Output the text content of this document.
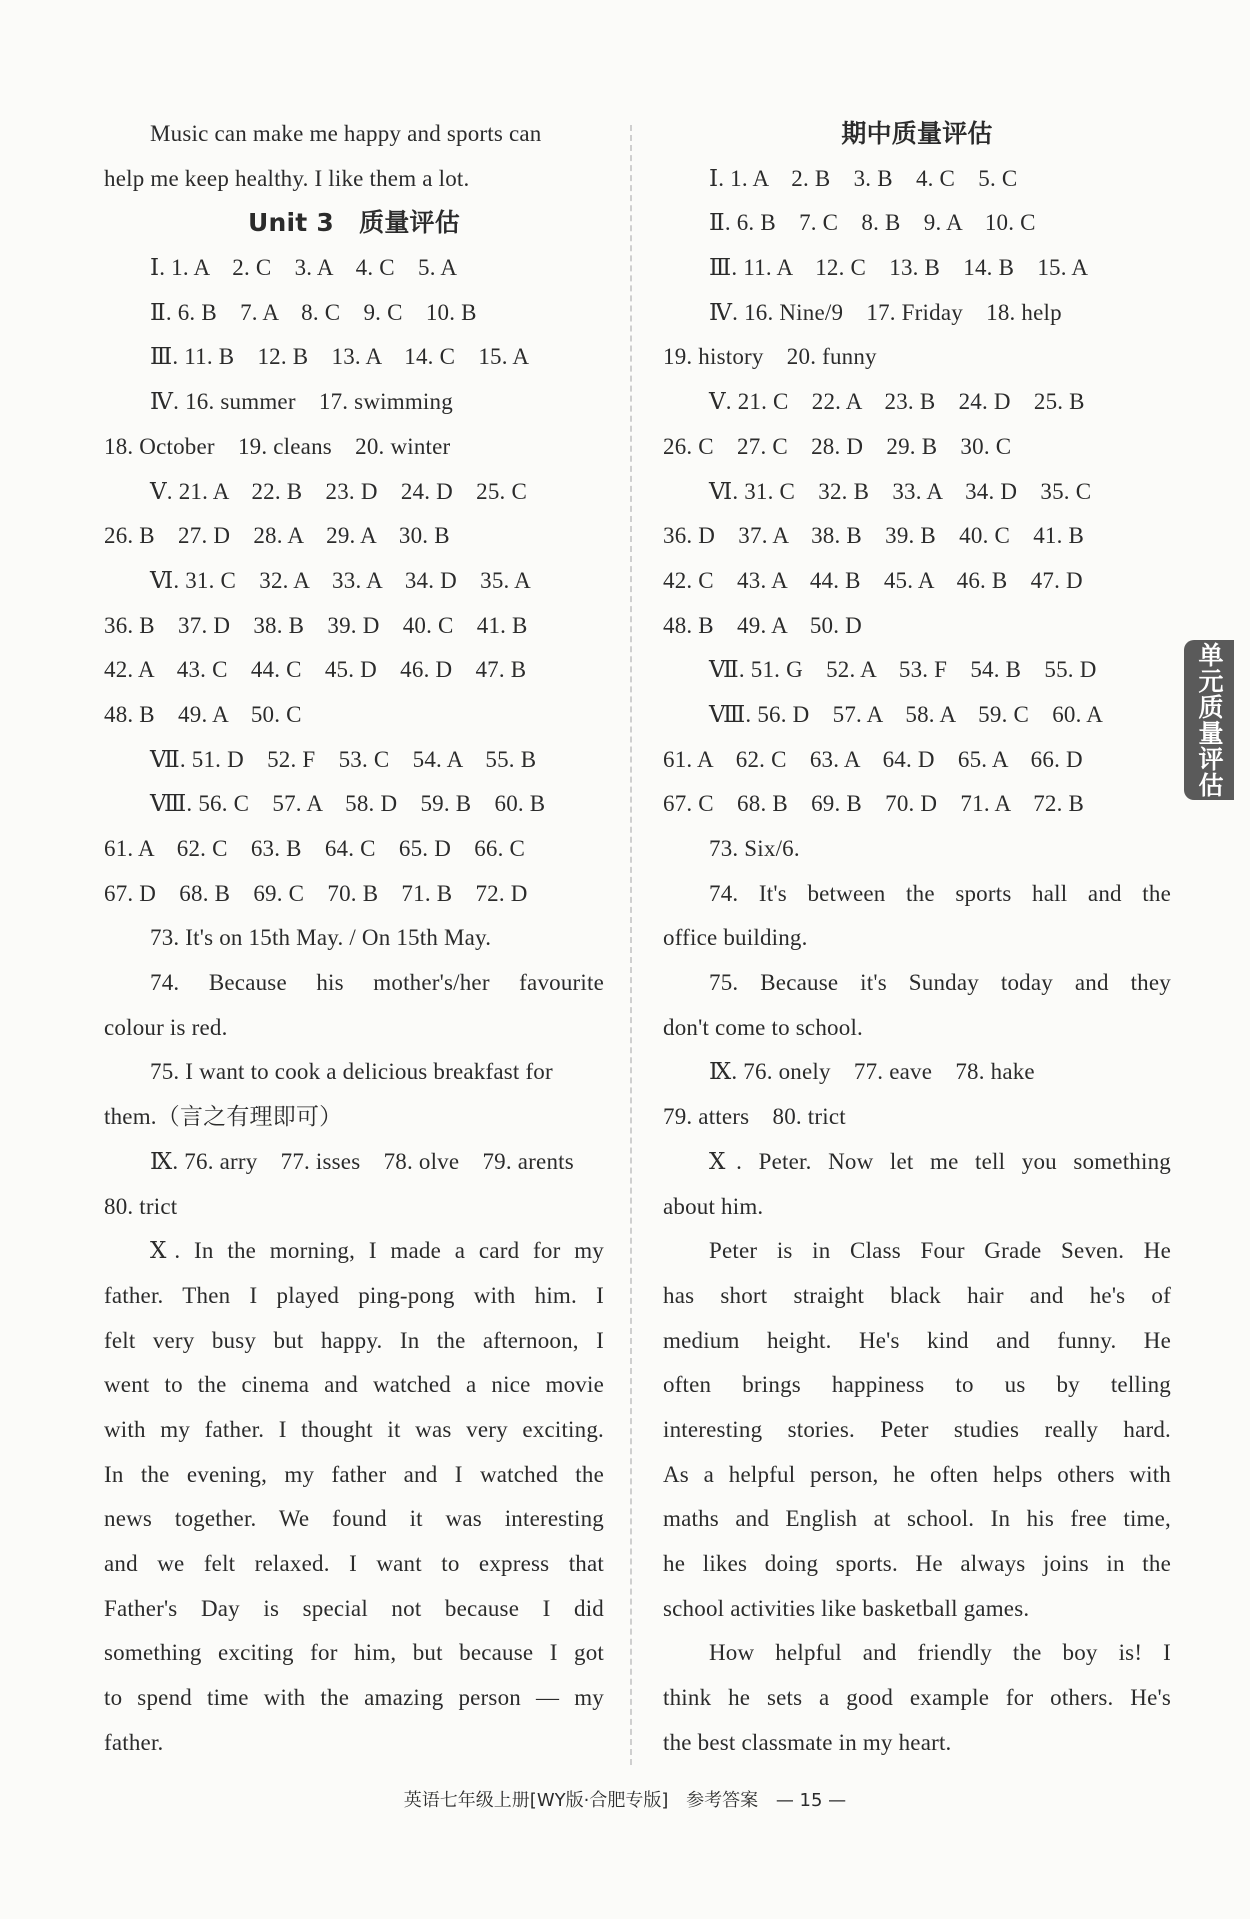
Music can make me happy and sports can
help me keep healthy. I like them a lot.
Unit 3　质量评估
Ⅰ. 1. A　2. C　3. A　4. C　5. A
Ⅱ. 6. B　7. A　8. C　9. C　10. B
Ⅲ. 11. B　12. B　13. A　14. C　15. A
Ⅳ. 16. summer　17. swimming
18. October　19. cleans　20. winter
Ⅴ. 21. A　22. B　23. D　24. D　25. C
26. B　27. D　28. A　29. A　30. B
Ⅵ. 31. C　32. A　33. A　34. D　35. A
36. B　37. D　38. B　39. D　40. C　41. B
42. A　43. C　44. C　45. D　46. D　47. B
48. B　49. A　50. C
Ⅶ. 51. D　52. F　53. C　54. A　55. B
Ⅷ. 56. C　57. A　58. D　59. B　60. B
61. A　62. C　63. B　64. C　65. D　66. C
67. D　68. B　69. C　70. B　71. B　72. D
73. It's on 15th May. / On 15th May.
74. Because his mother's/her favourite
colour is red.
75. I want to cook a delicious breakfast for
them.（言之有理即可）
Ⅸ. 76. arry　77. isses　78. olve　79. arents
80. trict
Ⅹ. In the morning, I made a card for my
father. Then I played ping-pong with him. I
felt very busy but happy. In the afternoon, I
went to the cinema and watched a nice movie
with my father. I thought it was very exciting.
In the evening, my father and I watched the
news together. We found it was interesting
and we felt relaxed. I want to express that
Father's Day is special not because I did
something exciting for him, but because I got
to spend time with the amazing person — my
father.
期中质量评估
Ⅰ. 1. A　2. B　3. B　4. C　5. C
Ⅱ. 6. B　7. C　8. B　9. A　10. C
Ⅲ. 11. A　12. C　13. B　14. B　15. A
Ⅳ. 16. Nine/9　17. Friday　18. help
19. history　20. funny
Ⅴ. 21. C　22. A　23. B　24. D　25. B
26. C　27. C　28. D　29. B　30. C
Ⅵ. 31. C　32. B　33. A　34. D　35. C
36. D　37. A　38. B　39. B　40. C　41. B
42. C　43. A　44. B　45. A　46. B　47. D
48. B　49. A　50. D
Ⅶ. 51. G　52. A　53. F　54. B　55. D
Ⅷ. 56. D　57. A　58. A　59. C　60. A
61. A　62. C　63. A　64. D　65. A　66. D
67. C　68. B　69. B　70. D　71. A　72. B
73. Six/6.
74. It's between the sports hall and the
office building.
75. Because it's Sunday today and they
don't come to school.
Ⅸ. 76. onely　77. eave　78. hake
79. atters　80. trict
Ⅹ. Peter. Now let me tell you something
about him.
Peter is in Class Four Grade Seven. He
has short straight black hair and he's of
medium height. He's kind and funny. He
often brings happiness to us by telling
interesting stories. Peter studies really hard.
As a helpful person, he often helps others with
maths and English at school. In his free time,
he likes doing sports. He always joins in the
school activities like basketball games.
How helpful and friendly the boy is! I
think he sets a good example for others. He's
the best classmate in my heart.
单元质量评估
英语七年级上册[WY版·合肥专版] 参考答案 — 15 —
